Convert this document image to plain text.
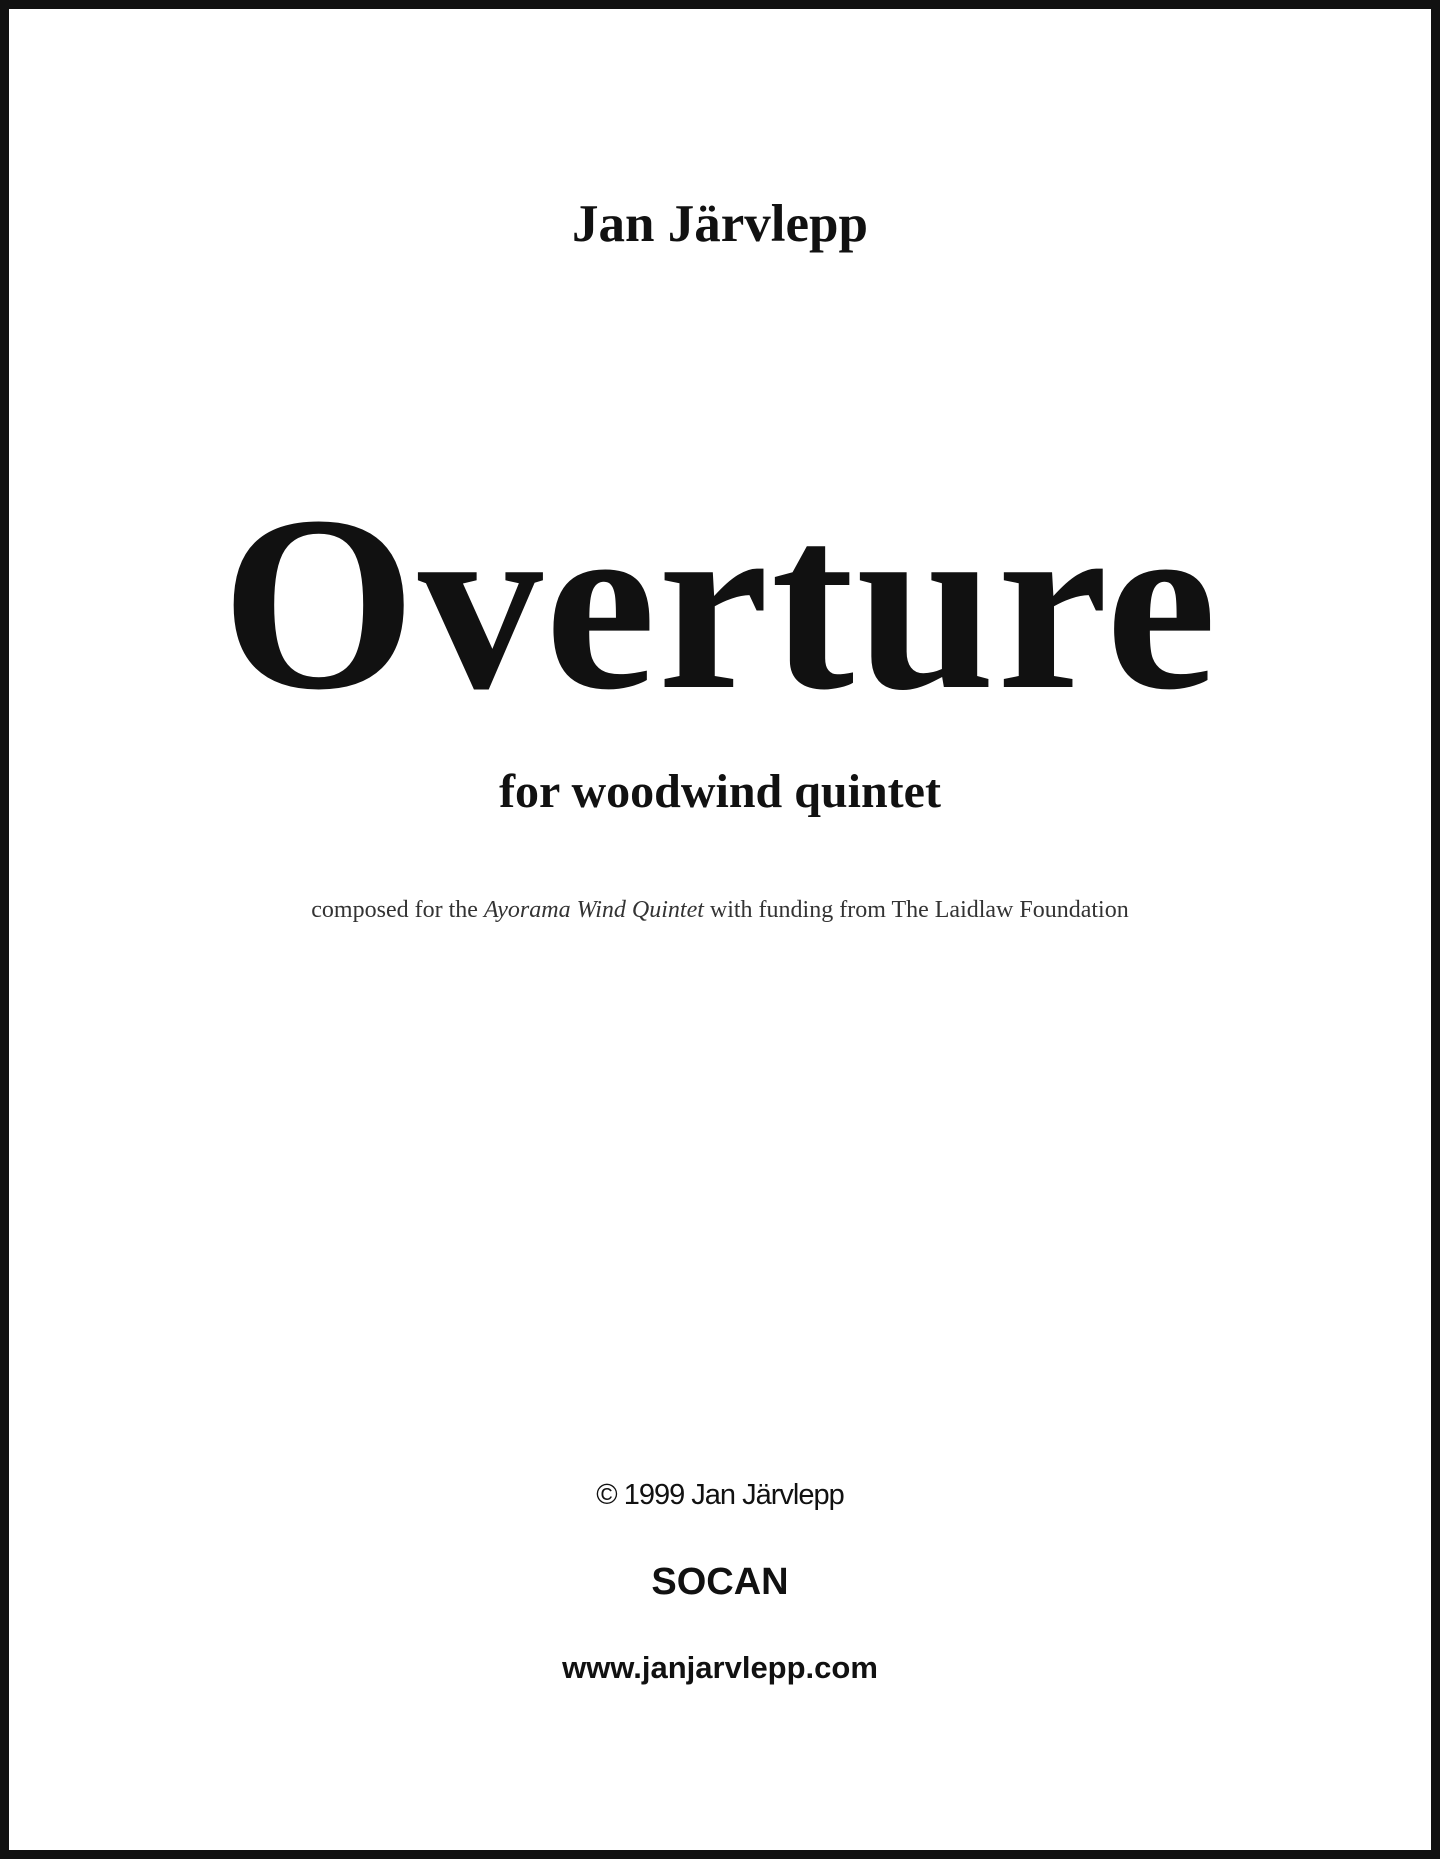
Jan Järvlepp

Overture

for woodwind quintet

composed for the Ayorama Wind Quintet with funding from The Laidlaw Foundation

© 1999 Jan Järvlepp

SOCAN

www.janjarvlepp.com
